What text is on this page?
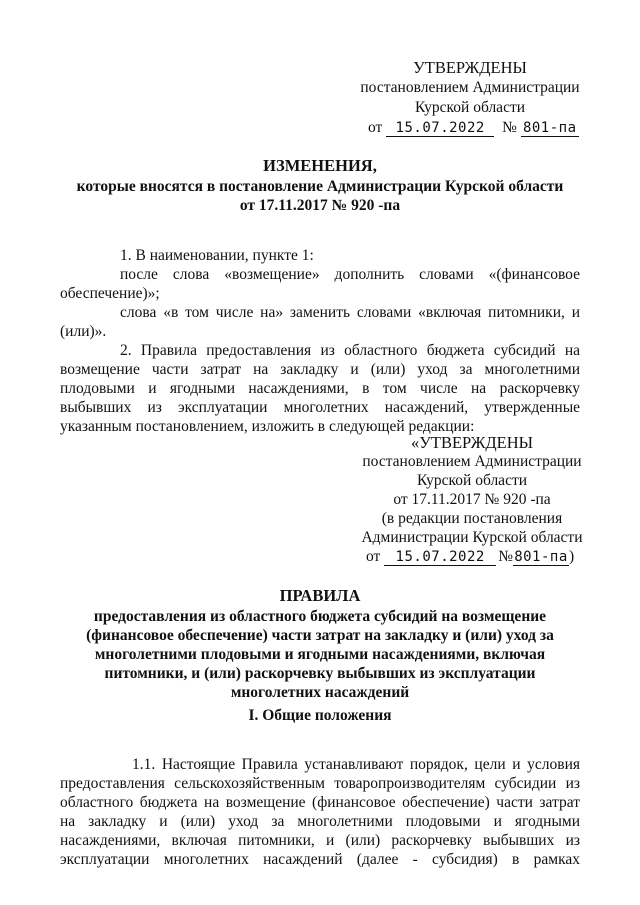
УТВЕРЖДЕНЫ
постановлением Администрации
Курской области
от 15.07.2022 № 801-па
ИЗМЕНЕНИЯ,
которые вносятся в постановление Администрации Курской области
от 17.11.2017 № 920 -па
1. В наименовании, пункте 1:
после слова «возмещение» дополнить словами «(финансовое
обеспечение)»;
слова «в том числе на» заменить словами «включая питомники, и
(или)».
2. Правила предоставления из областного бюджета субсидий на
возмещение части затрат на закладку и (или) уход за многолетними
плодовыми и ягодными насаждениями, в том числе на раскорчевку
выбывших из эксплуатации многолетних насаждений, утвержденные
указанным постановлением, изложить в следующей редакции:
«УТВЕРЖДЕНЫ
постановлением Администрации
Курской области
от 17.11.2017 № 920 -па
(в редакции постановления
Администрации Курской области
от 15.07.2022 №801-па)
ПРАВИЛА
предоставления из областного бюджета субсидий на возмещение
(финансовое обеспечение) части затрат на закладку и (или) уход за
многолетними плодовыми и ягодными насаждениями, включая
питомники, и (или) раскорчевку выбывших из эксплуатации
многолетних насаждений
I. Общие положения
1.1. Настоящие Правила устанавливают порядок, цели и условия
предоставления сельскохозяйственным товаропроизводителям субсидии из
областного бюджета на возмещение (финансовое обеспечение) части затрат
на закладку и (или) уход за многолетними плодовыми и ягодными
насаждениями, включая питомники, и (или) раскорчевку выбывших из
эксплуатации многолетних насаждений (далее - субсидия) в рамках
